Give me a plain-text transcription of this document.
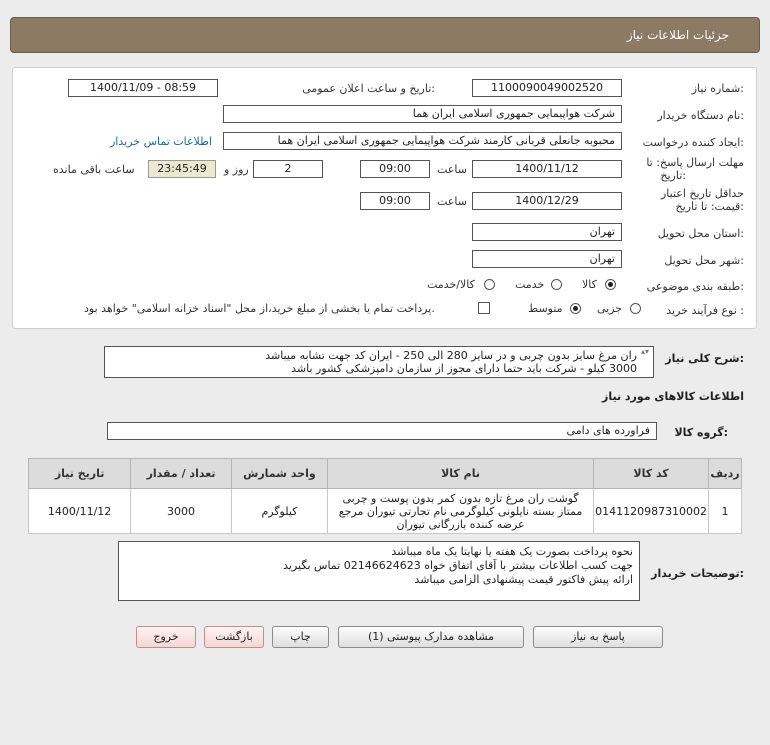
جزئیات اطلاعات نیاز
شماره نیاز:
1100090049002520
تاریخ و ساعت اعلان عمومی:
1400/11/09 - 08:59
نام دستگاه خریدار:
شرکت هواپیمایی جمهوری اسلامی ایران هما
ایجاد کننده درخواست:
محبوبه جانعلی قربانی کارمند شرکت هواپیمایی جمهوری اسلامی ایران هما
اطلاعات تماس خریدار
مهلت ارسال پاسخ: تا
تاریخ:
1400/11/12
ساعت
09:00
2
روز و
23:45:49
ساعت باقی مانده
حداقل تاریخ اعتبار
قیمت: تا تاریخ:
1400/12/29
ساعت
09:00
استان محل تحویل:
تهران
شهر محل تحویل:
تهران
طبقه بندی موضوعی:
کالا
خدمت
کالا/خدمت
نوع فرآیند خرید :
جزیی
متوسط
پرداخت تمام یا بخشی از مبلغ خرید،از محل "اسناد خزانه اسلامی" خواهد بود.
شرح کلی نیاز:
ران مرغ سایز بدون چربی و در سایز 280 الی 250 - ایران کد جهت تشابه میباشد
3000 کیلو - شرکت باید حتما دارای مجوز از سازمان دامپزشکی کشور باشد
▴▾
اطلاعات کالاهای مورد نیاز
گروه کالا:
فراورده های دامی
ردیف	کد کالا	نام کالا	واحد شمارش	تعداد / مقدار	تاریخ نیاز
1	0141120987310002	گوشت ران مرغ تازه بدون کمر بدون پوست و چربی ممتاز بسته نایلونی کیلوگرمی نام تجارتی تیوران مرجع عرضه کننده بازرگانی تیوران	کیلوگرم	3000	1400/11/12
توضیحات خریدار:
نحوه پرداخت بصورت یک هفته یا نهایتا یک ماه میباشد
جهت کسب اطلاعات بیشتر با آقای اتفاق خواه 02146624623 تماس بگیرید
ارائه پیش فاکتور قیمت پیشنهادی الزامی میباشد
پاسخ به نیاز
مشاهده مدارک پیوستی (1)
چاپ
بازگشت
خروج
